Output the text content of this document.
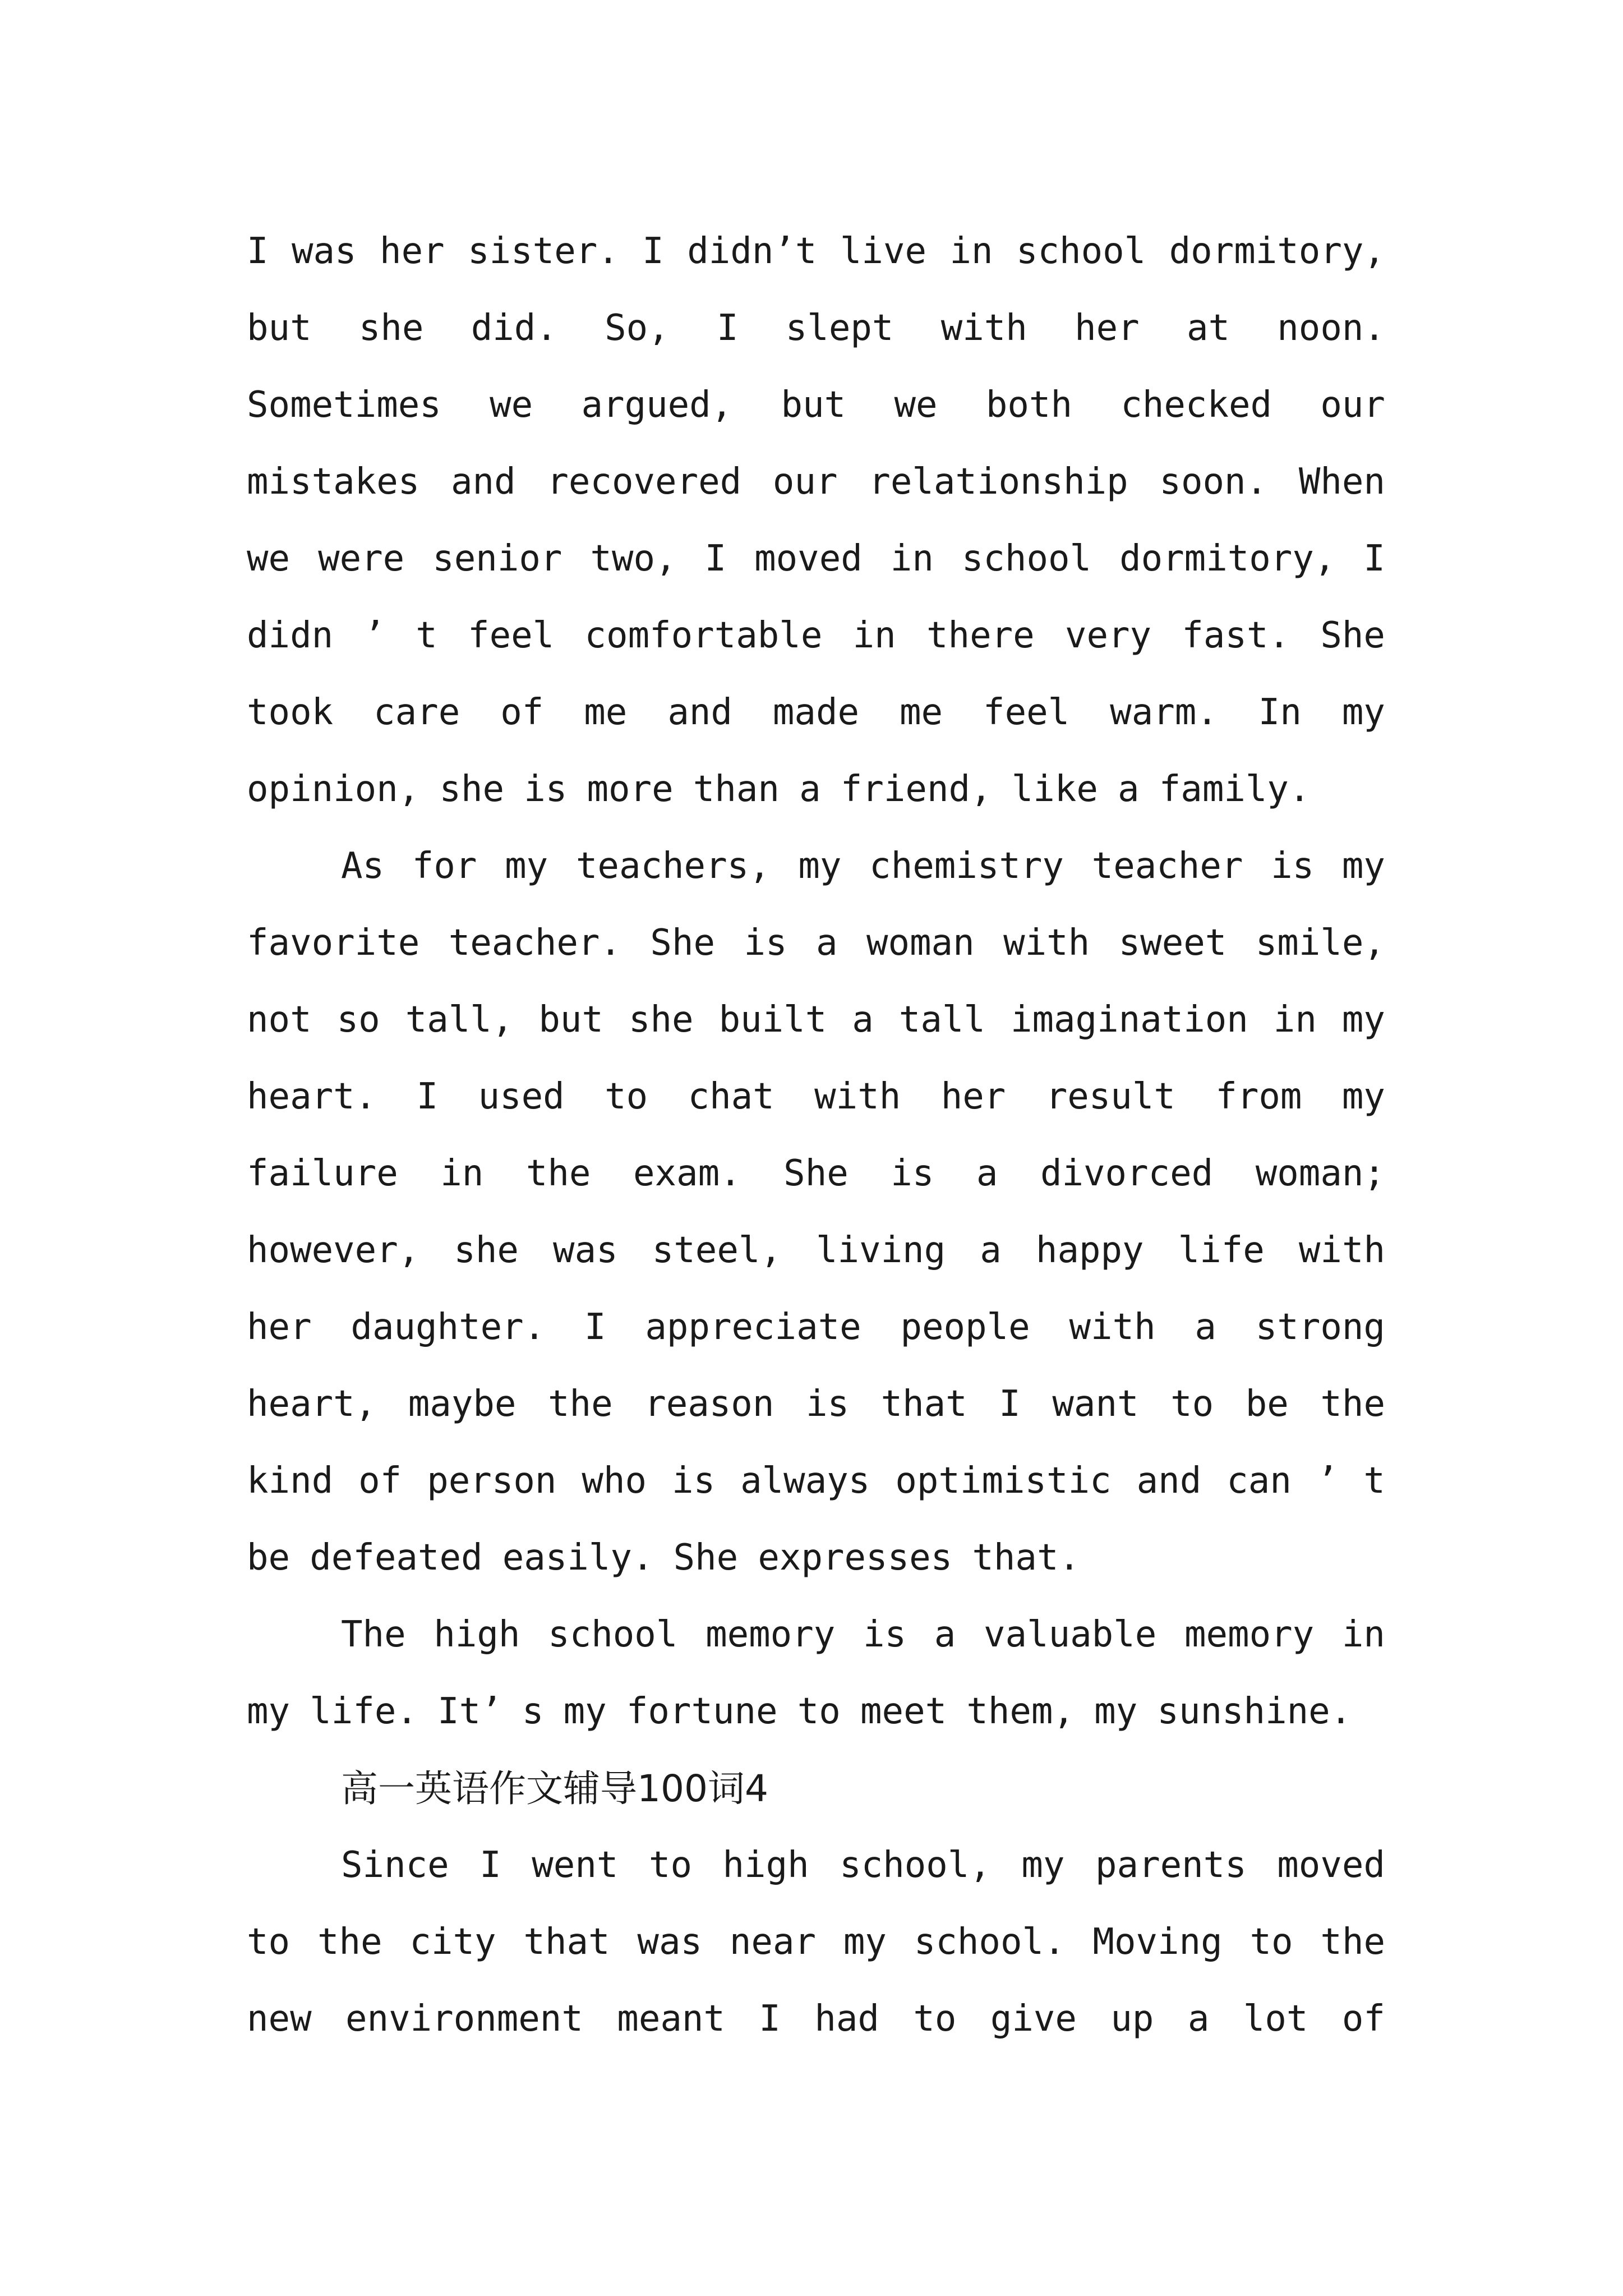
I was her sister. I didn’t live in school dormitory,
but she did. So, I slept with her at noon.
Sometimes we argued, but we both checked our
mistakes and recovered our relationship soon. When
we were senior two, I moved in school dormitory, I
didn ’ t feel comfortable in there very fast. She
took care of me and made me feel warm. In my
opinion, she is more than a friend, like a family.
As for my teachers, my chemistry teacher is my
favorite teacher. She is a woman with sweet smile,
not so tall, but she built a tall imagination in my
heart. I used to chat with her result from my
failure in the exam. She is a divorced woman;
however, she was steel, living a happy life with
her daughter. I appreciate people with a strong
heart, maybe the reason is that I want to be the
kind of person who is always optimistic and can ’ t
be defeated easily. She expresses that.
The high school memory is a valuable memory in
my life. It’ s my fortune to meet them, my sunshine.
高一英语作文辅导100词4
Since I went to high school, my parents moved
to the city that was near my school. Moving to the
new environment meant I had to give up a lot of
